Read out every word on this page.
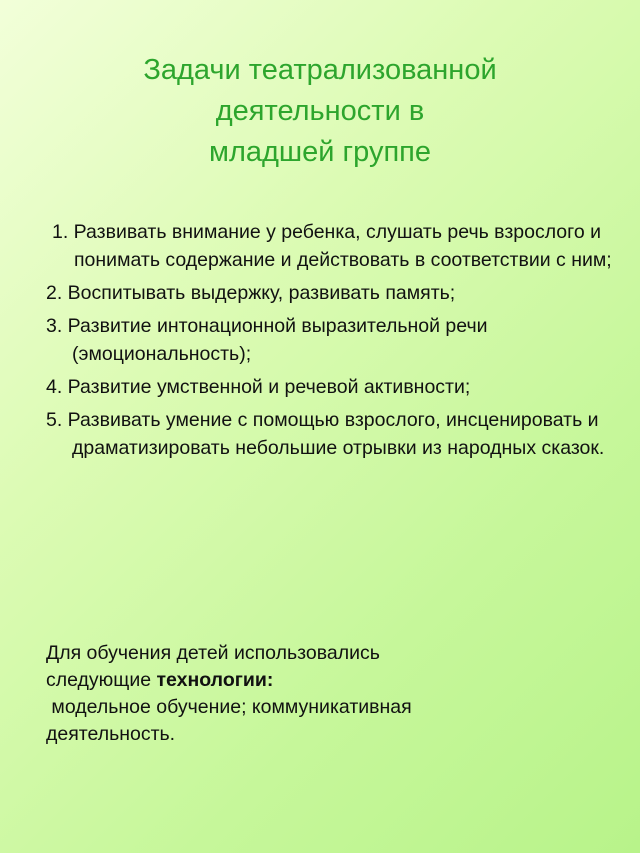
Задачи театрализованной
деятельности в
младшей группе
1. Развивать внимание у ребенка, слушать речь взрослого и понимать содержание и действовать в соответствии с ним;
2. Воспитывать выдержку, развивать память;
3. Развитие интонационной выразительной речи (эмоциональность);
4. Развитие умственной и речевой активности;
5. Развивать умение с помощью взрослого, инсценировать и драматизировать небольшие отрывки из народных сказок.

Для обучения детей использовались
следующие технологии:
модельное обучение; коммуникативная
деятельность.
